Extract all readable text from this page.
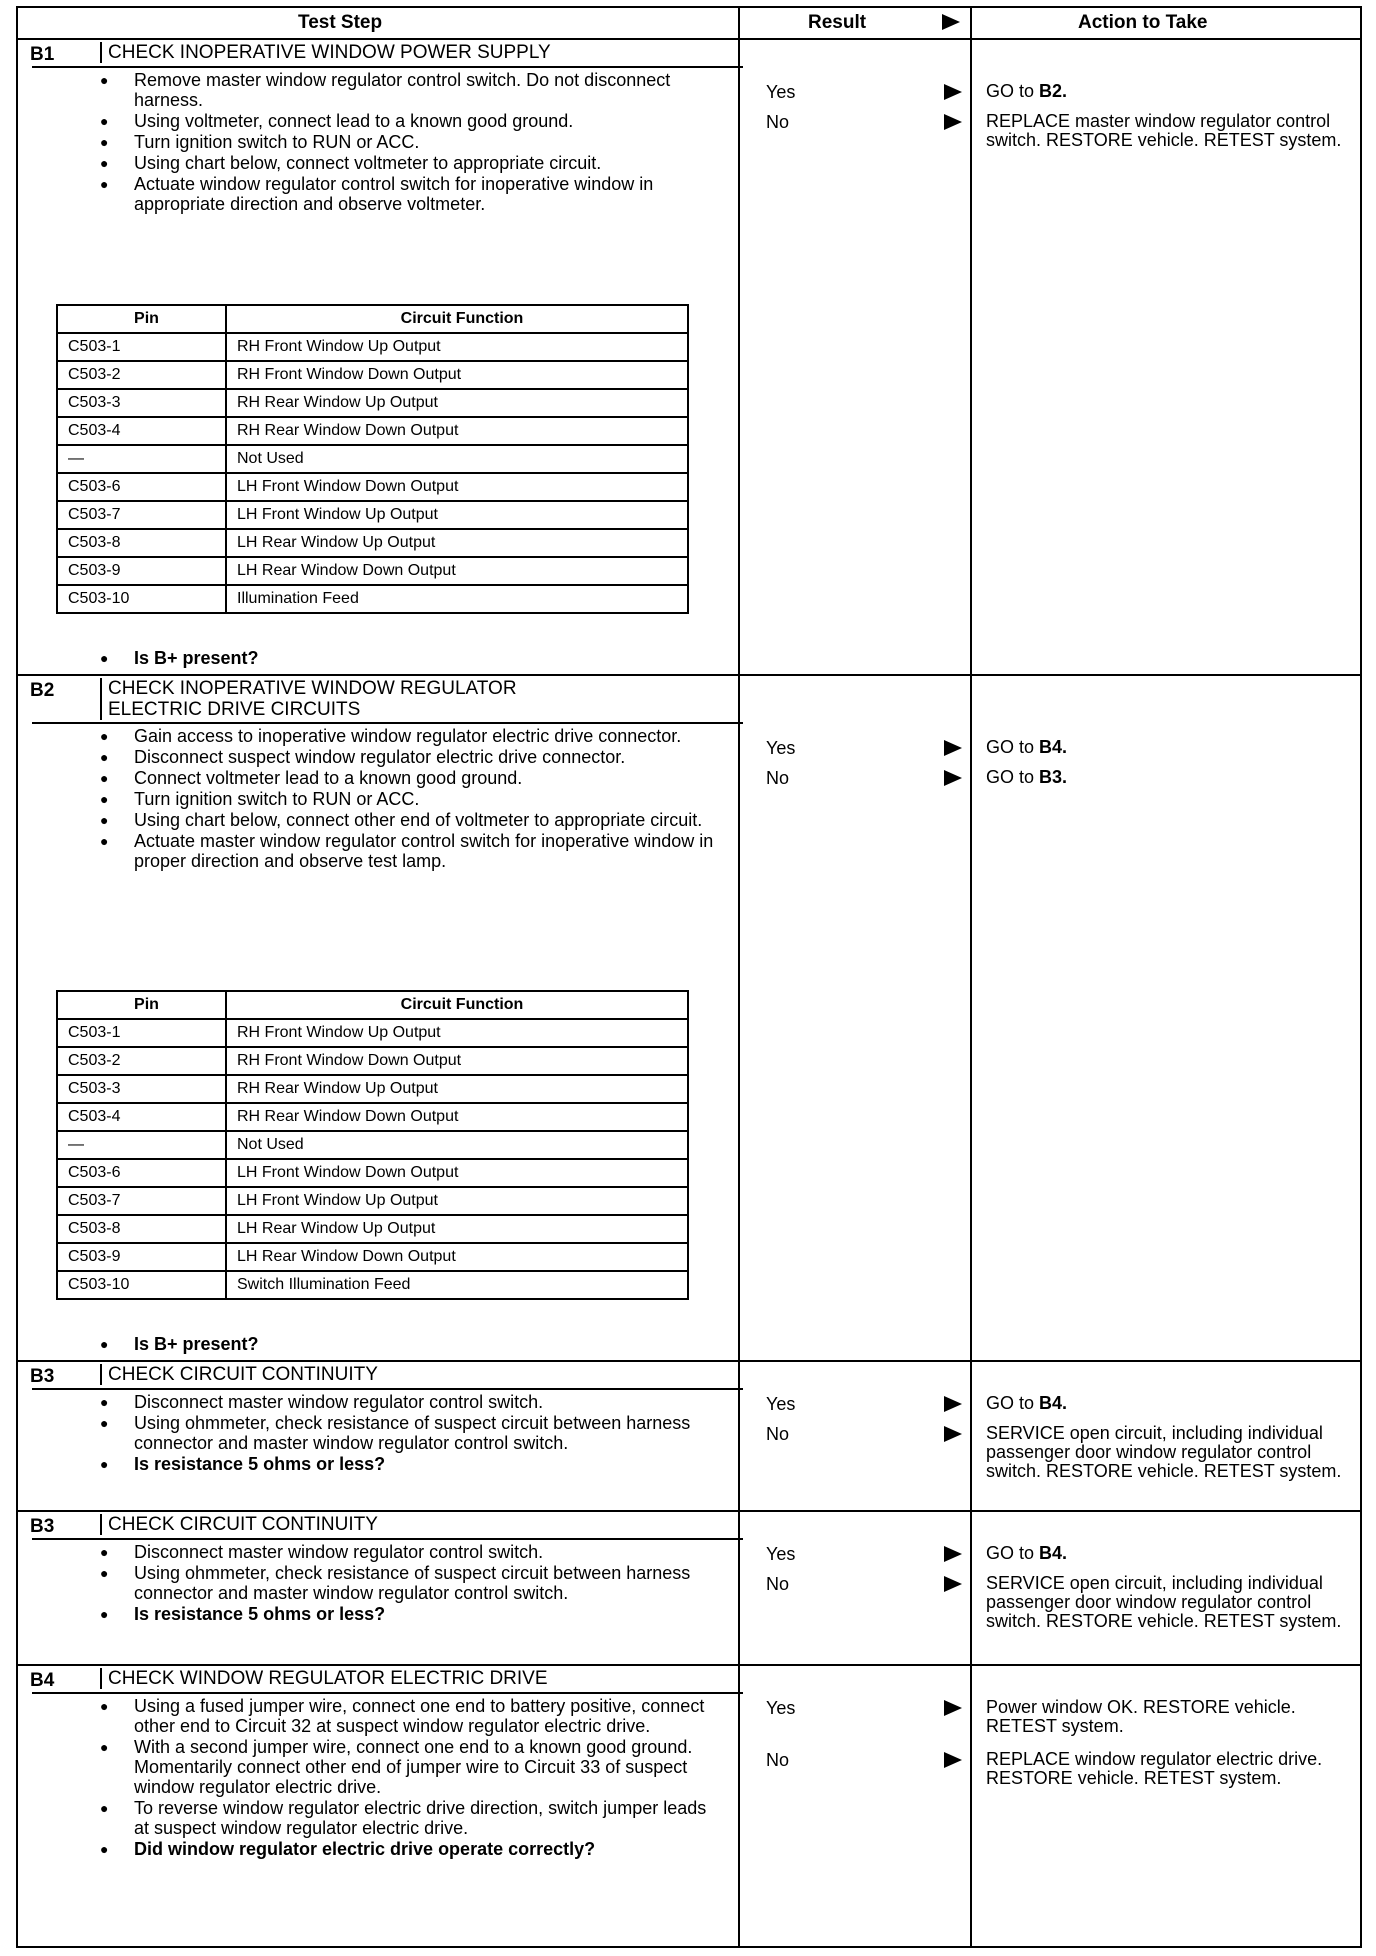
Test Step	Result	Action to Take
B1	CHECK INOPERATIVE WINDOW POWER SUPPLY
● Remove master window regulator control switch. Do not disconnect harness.
● Using voltmeter, connect lead to a known good ground.
● Turn ignition switch to RUN or ACC.
● Using chart below, connect voltmeter to appropriate circuit.
● Actuate window regulator control switch for inoperative window in appropriate direction and observe voltmeter.
Pin	Circuit Function
C503-1	RH Front Window Up Output
C503-2	RH Front Window Down Output
C503-3	RH Rear Window Up Output
C503-4	RH Rear Window Down Output
—	Not Used
C503-6	LH Front Window Down Output
C503-7	LH Front Window Up Output
C503-8	LH Rear Window Up Output
C503-9	LH Rear Window Down Output
C503-10	Illumination Feed
● Is B+ present?
Yes	GO to B2.
No	REPLACE master window regulator control switch. RESTORE vehicle. RETEST system.
B2	CHECK INOPERATIVE WINDOW REGULATOR ELECTRIC DRIVE CIRCUITS
● Gain access to inoperative window regulator electric drive connector.
● Disconnect suspect window regulator electric drive connector.
● Connect voltmeter lead to a known good ground.
● Turn ignition switch to RUN or ACC.
● Using chart below, connect other end of voltmeter to appropriate circuit.
● Actuate master window regulator control switch for inoperative window in proper direction and observe test lamp.
Pin	Circuit Function
C503-1	RH Front Window Up Output
C503-2	RH Front Window Down Output
C503-3	RH Rear Window Up Output
C503-4	RH Rear Window Down Output
—	Not Used
C503-6	LH Front Window Down Output
C503-7	LH Front Window Up Output
C503-8	LH Rear Window Up Output
C503-9	LH Rear Window Down Output
C503-10	Switch Illumination Feed
● Is B+ present?
Yes	GO to B4.
No	GO to B3.
B3	CHECK CIRCUIT CONTINUITY
● Disconnect master window regulator control switch.
● Using ohmmeter, check resistance of suspect circuit between harness connector and master window regulator control switch.
● Is resistance 5 ohms or less?
Yes	GO to B4.
No	SERVICE open circuit, including individual passenger door window regulator control switch. RESTORE vehicle. RETEST system.
B3	CHECK CIRCUIT CONTINUITY
● Disconnect master window regulator control switch.
● Using ohmmeter, check resistance of suspect circuit between harness connector and master window regulator control switch.
● Is resistance 5 ohms or less?
Yes	GO to B4.
No	SERVICE open circuit, including individual passenger door window regulator control switch. RESTORE vehicle. RETEST system.
B4	CHECK WINDOW REGULATOR ELECTRIC DRIVE
● Using a fused jumper wire, connect one end to battery positive, connect other end to Circuit 32 at suspect window regulator electric drive.
● With a second jumper wire, connect one end to a known good ground. Momentarily connect other end of jumper wire to Circuit 33 of suspect window regulator electric drive.
● To reverse window regulator electric drive direction, switch jumper leads at suspect window regulator electric drive.
● Did window regulator electric drive operate correctly?
Yes	Power window OK. RESTORE vehicle. RETEST system.
No	REPLACE window regulator electric drive. RESTORE vehicle. RETEST system.
